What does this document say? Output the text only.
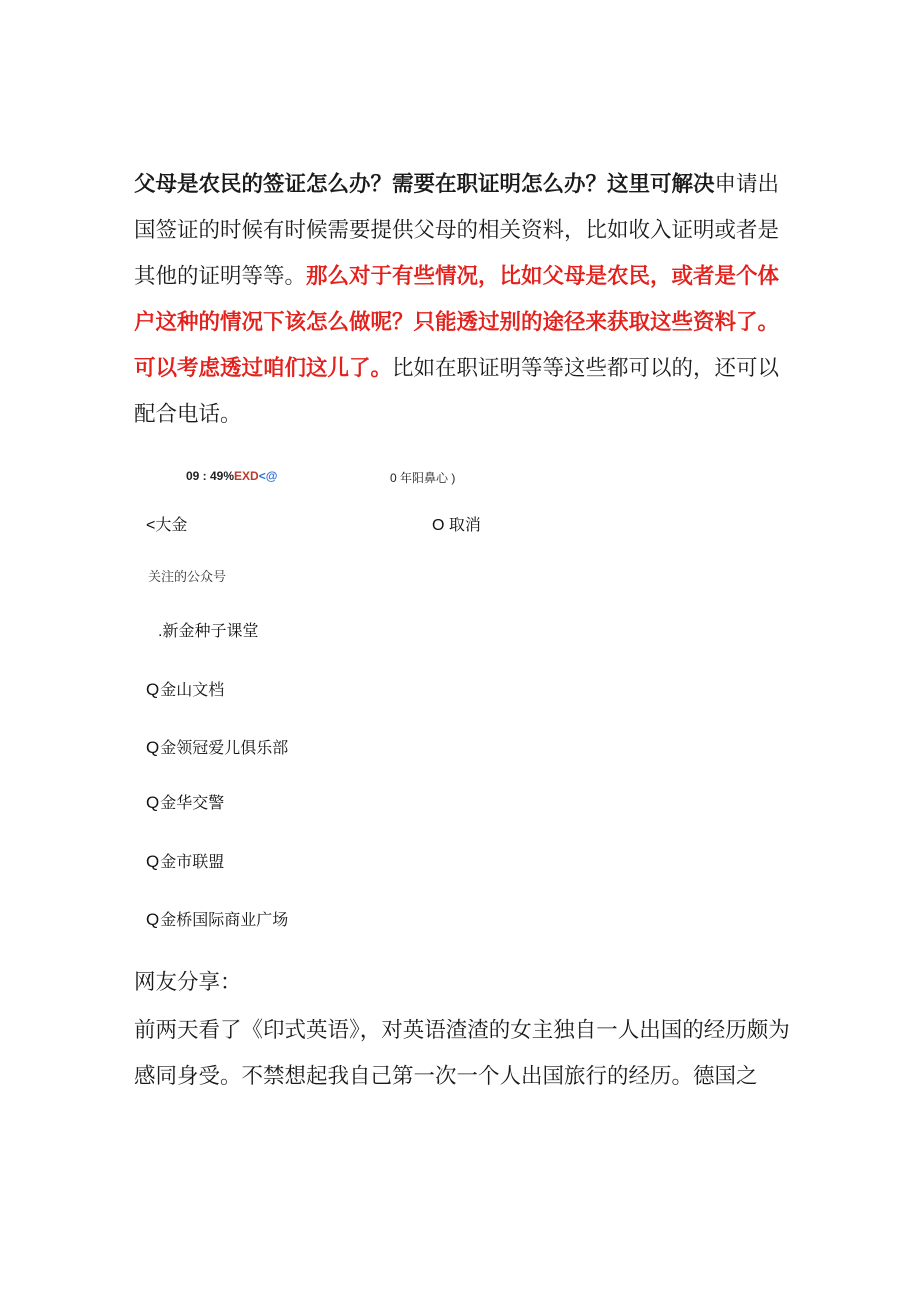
父母是农民的签证怎么办？需要在职证明怎么办？这里可解决申请出国签证的时候有时候需要提供父母的相关资料，比如收入证明或者是其他的证明等等。那么对于有些情况，比如父母是农民，或者是个体户这种的情况下该怎么做呢？只能透过别的途径来获取这些资料了。可以考虑透过咱们这儿了。比如在职证明等等这些都可以的，还可以配合电话。

09 : 49%EXD<@	0 年阳鼻心 )
<大金	O 取消
关注的公众号
.新金种子课堂
Q金山文档
Q金领冠爱儿俱乐部
Q金华交警
Q金市联盟
Q金桥国际商业广场

网友分享：

前两天看了《印式英语》，对英语渣渣的女主独自一人出国的经历颇为感同身受。不禁想起我自己第一次一个人出国旅行的经历。德国之
